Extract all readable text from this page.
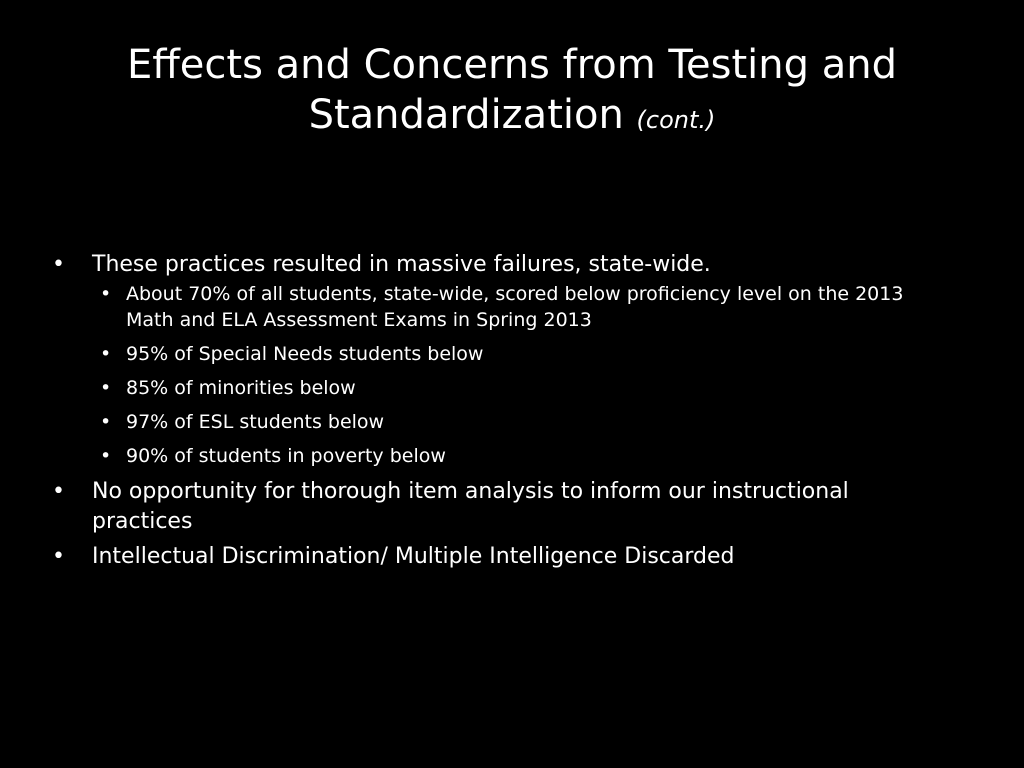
Effects and Concerns from Testing and Standardization (cont.)
• These practices resulted in massive failures, state-wide.
• About 70% of all students, state-wide, scored below proficiency level on the 2013 Math and ELA Assessment Exams in Spring 2013
• 95% of Special Needs students below
• 85% of minorities below
• 97% of ESL students below
• 90% of students in poverty below
• No opportunity for thorough item analysis to inform our instructional practices
• Intellectual Discrimination/ Multiple Intelligence Discarded
